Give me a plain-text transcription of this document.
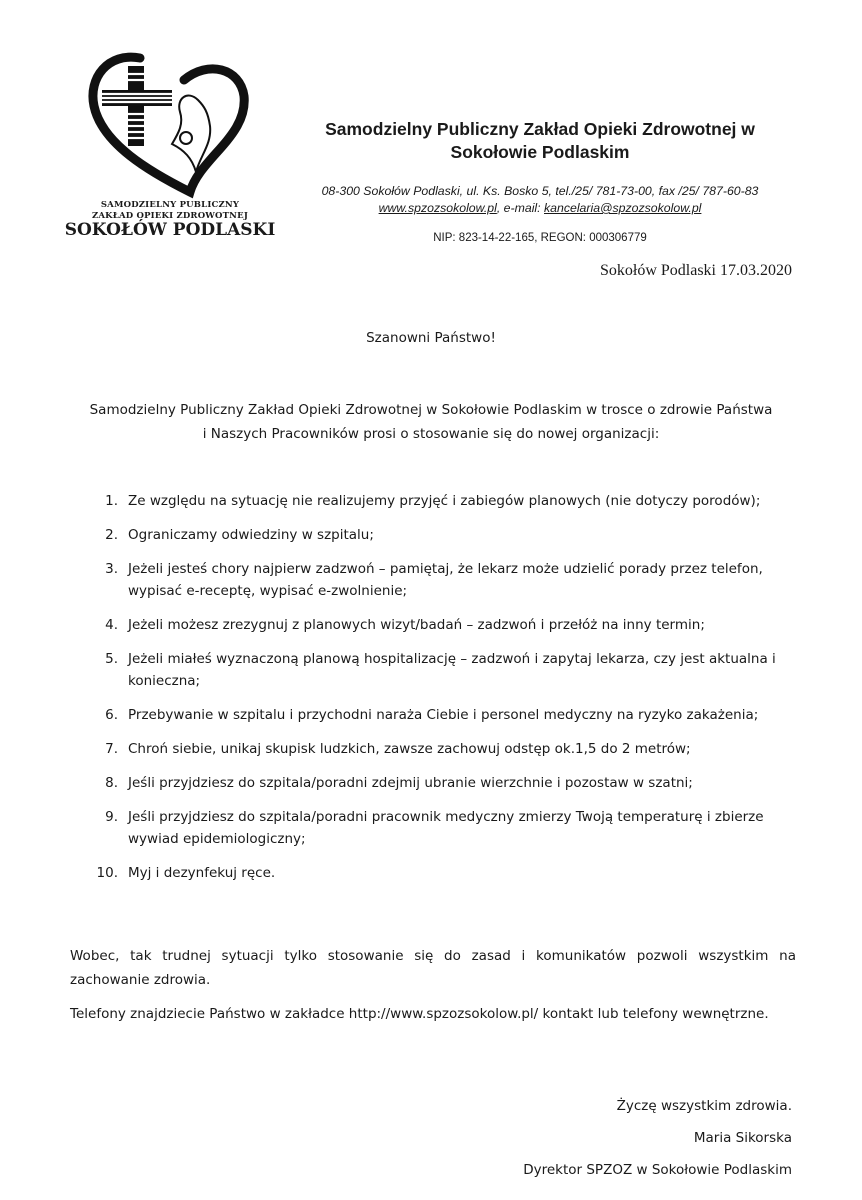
SAMODZIELNY PUBLICZNY
ZAKŁAD OPIEKI ZDROWOTNEJ
SOKOŁÓW PODLASKI
Samodzielny Publiczny Zakład Opieki Zdrowotnej w
Sokołowie Podlaskim
08-300 Sokołów Podlaski, ul. Ks. Bosko 5, tel./25/ 781-73-00, fax /25/ 787-60-83
www.spzozsokolow.pl, e-mail: kancelaria@spzozsokolow.pl
NIP: 823-14-22-165, REGON: 000306779
Sokołów Podlaski 17.03.2020
Szanowni Państwo!
Samodzielny Publiczny Zakład Opieki Zdrowotnej w Sokołowie Podlaskim w trosce o zdrowie Państwa
i Naszych Pracowników prosi o stosowanie się do nowej organizacji:
1. Ze względu na sytuację nie realizujemy przyjęć i zabiegów planowych (nie dotyczy porodów);
2. Ograniczamy odwiedziny w szpitalu;
3. Jeżeli jesteś chory najpierw zadzwoń – pamiętaj, że lekarz może udzielić porady przez telefon, wypisać e-receptę, wypisać e-zwolnienie;
4. Jeżeli możesz zrezygnuj z planowych wizyt/badań – zadzwoń i przełóż na inny termin;
5. Jeżeli miałeś wyznaczoną planową hospitalizację – zadzwoń i zapytaj lekarza, czy jest aktualna i konieczna;
6. Przebywanie w szpitalu i przychodni naraża Ciebie i personel medyczny na ryzyko zakażenia;
7. Chroń siebie, unikaj skupisk ludzkich, zawsze zachowuj odstęp ok.1,5 do 2 metrów;
8. Jeśli przyjdziesz do szpitala/poradni zdejmij ubranie wierzchnie i pozostaw w szatni;
9. Jeśli przyjdziesz do szpitala/poradni pracownik medyczny zmierzy Twoją temperaturę i zbierze wywiad epidemiologiczny;
10. Myj i dezynfekuj ręce.
Wobec, tak trudnej sytuacji tylko stosowanie się do zasad i komunikatów pozwoli wszystkim na zachowanie zdrowia.
Telefony znajdziecie Państwo w zakładce http://www.spzozsokolow.pl/ kontakt lub telefony wewnętrzne.
Życzę wszystkim zdrowia.
Maria Sikorska
Dyrektor SPZOZ w Sokołowie Podlaskim
